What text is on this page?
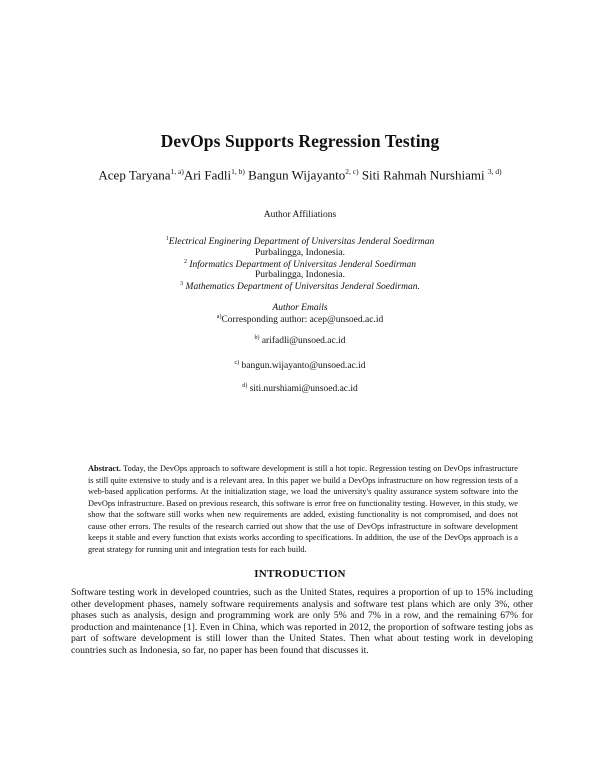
DevOps Supports Regression Testing
Acep Taryana$^{1, a)}$Ari Fadli$^{1, b)}$ Bangun Wijayanto$^{2, c)}$ Siti Rahmah Nurshiami $^{3, d)}$
Author Affiliations
$^1$Electrical Enginering Department of Universitas Jenderal Soedirman
Purbalingga, Indonesia.
$^2$ Informatics Department of Universitas Jenderal Soedirman
Purbalingga, Indonesia.
$^3$ Mathematics Department of Universitas Jenderal Soedirman.
Author Emails
$^{a)}$Corresponding author: acep@unsoed.ac.id
$^{b)}$ arifadli@unsoed.ac.id
$^{c)}$ bangun.wijayanto@unsoed.ac.id
$^{d)}$ siti.nurshiami@unsoed.ac.id
Abstract. Today, the DevOps approach to software development is still a hot topic. Regression testing on DevOps infrastructure is still quite extensive to study and is a relevant area. In this paper we build a DevOps infrastructure on how regression tests of a web-based application performs. At the initialization stage, we load the university's quality assurance system software into the DevOps infrastructure. Based on previous research, this software is error free on functionality testing. However, in this study, we show that the software still works when new requirements are added, existing functionality is not compromised, and does not cause other errors. The results of the research carried out show that the use of DevOps infrastructure in software development keeps it stable and every function that exists works according to specifications. In addition, the use of the DevOps approach is a great strategy for running unit and integration tests for each build.
INTRODUCTION
Software testing work in developed countries, such as the United States, requires a proportion of up to 15% including other development phases, namely software requirements analysis and software test plans which are only 3%, other phases such as analysis, design and programming work are only 5% and 7% in a row, and the remaining 67% for production and maintenance [1]. Even in China, which was reported in 2012, the proportion of software testing jobs as part of software development is still lower than the United States. Then what about testing work in developing countries such as Indonesia, so far, no paper has been found that discusses it.
